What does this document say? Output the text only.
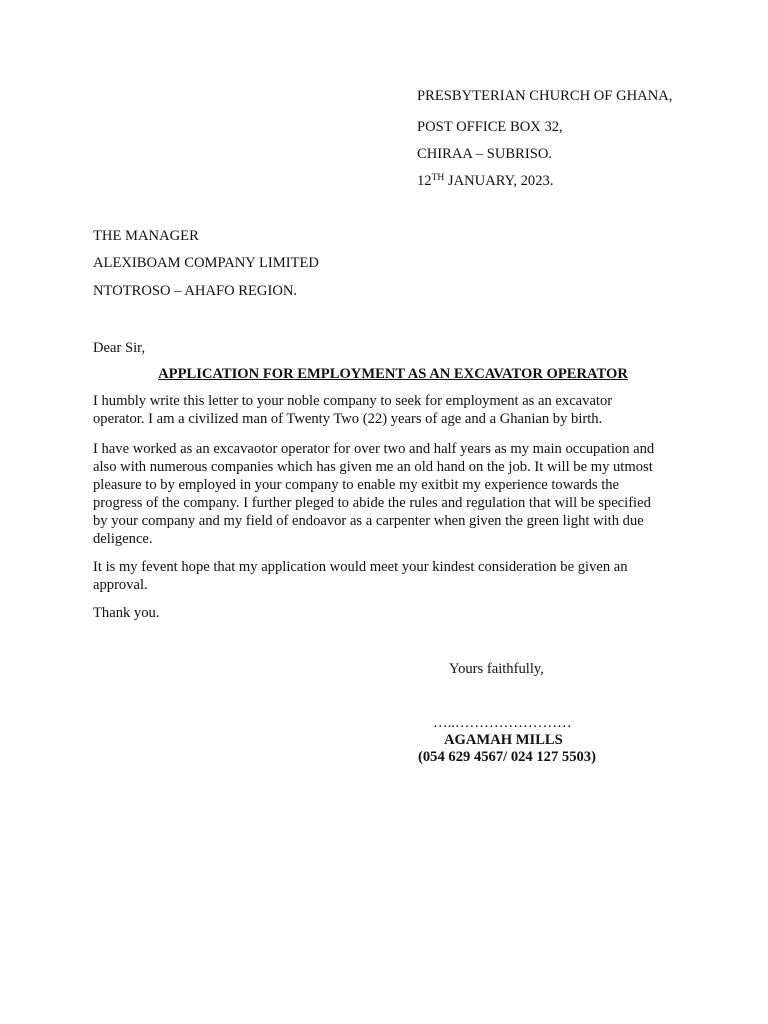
PRESBYTERIAN CHURCH OF GHANA,
POST OFFICE BOX 32,
CHIRAA – SUBRISO.
12TH JANUARY, 2023.
THE MANAGER
ALEXIBOAM COMPANY LIMITED
NTOTROSO – AHAFO REGION.
Dear Sir,
APPLICATION FOR EMPLOYMENT AS AN EXCAVATOR OPERATOR
I humbly write this letter to your noble company to seek for employment as an excavator
operator. I am a civilized man of Twenty Two (22) years of age and a Ghanian by birth.
I have worked as an excavaotor operator for over two and half years as my main occupation and
also with numerous companies which has given me an old hand on the job. It will be my utmost
pleasure to by employed in your company to enable my exitbit my experience towards the
progress of the company. I further pleged to abide the rules and regulation that will be specified
by your company and my field of endoavor as a carpenter when given the green light with due
deligence.
It is my fevent hope that my application would meet your kindest consideration be given an
approval.
Thank you.
Yours faithfully,
…..……………………
AGAMAH MILLS
(054 629 4567/ 024 127 5503)
